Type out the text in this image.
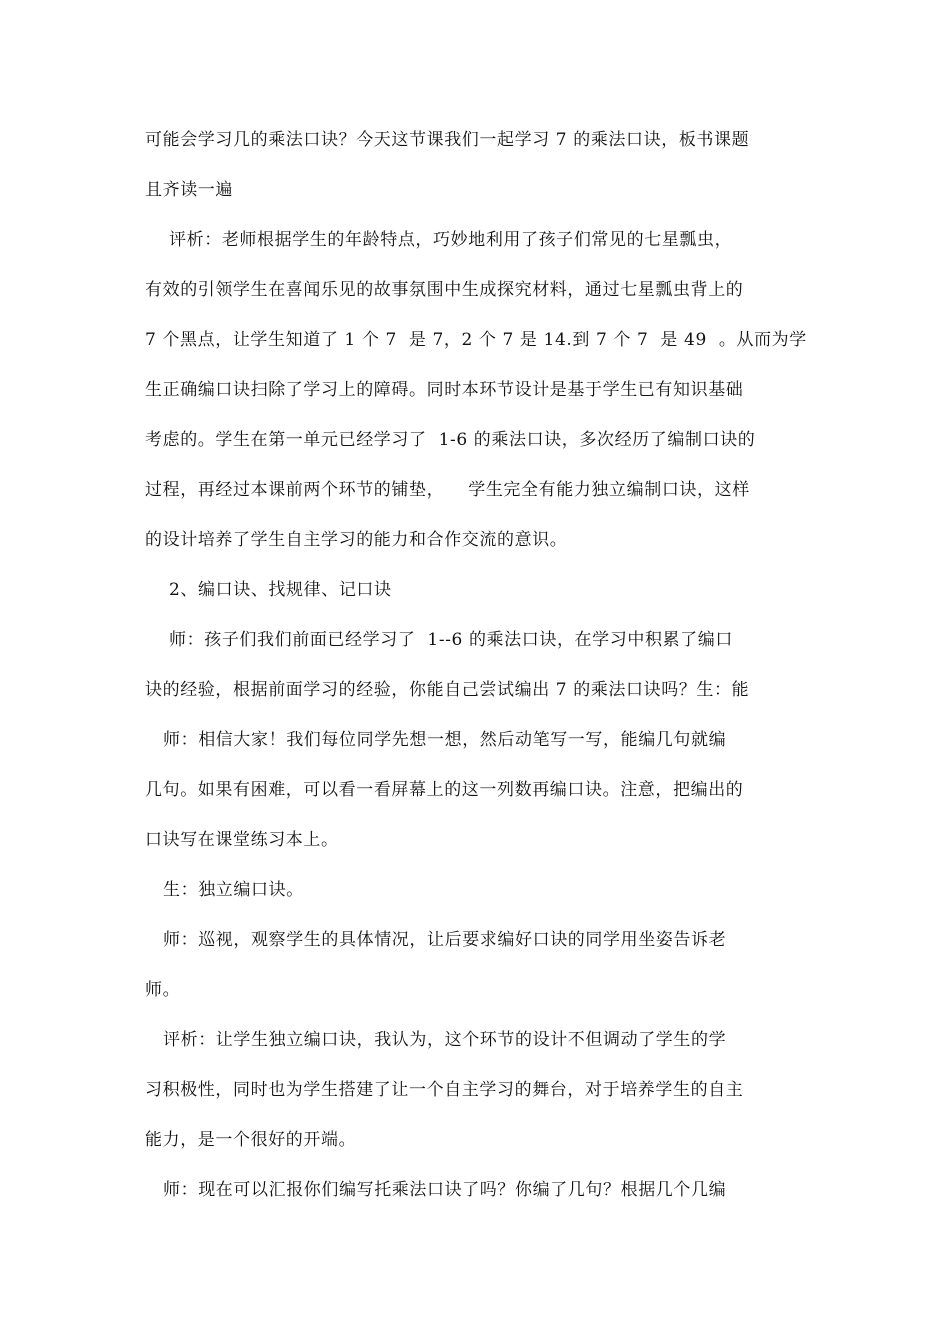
可能会学习几的乘法口诀？今天这节课我们一起学习 7 的乘法口诀，板书课题
且齐读一遍
评析：老师根据学生的年龄特点，巧妙地利用了孩子们常见的七星瓢虫，
有效的引领学生在喜闻乐见的故事氛围中生成探究材料，通过七星瓢虫背上的
7 个黑点，让学生知道了 1 个 7  是 7，2 个 7 是 14.到 7 个 7  是 49  。从而为学
生正确编口诀扫除了学习上的障碍。同时本环节设计是基于学生已有知识基础
考虑的。学生在第一单元已经学习了  1-6 的乘法口诀，多次经历了编制口诀的
过程，再经过本课前两个环节的铺垫，    学生完全有能力独立编制口诀，这样
的设计培养了学生自主学习的能力和合作交流的意识。
2、编口诀、找规律、记口诀
师：孩子们我们前面已经学习了  1--6 的乘法口诀，在学习中积累了编口
诀的经验，根据前面学习的经验，你能自己尝试编出 7 的乘法口诀吗？生：能
师：相信大家！我们每位同学先想一想，然后动笔写一写，能编几句就编
几句。如果有困难，可以看一看屏幕上的这一列数再编口诀。注意，把编出的
口诀写在课堂练习本上。
生：独立编口诀。
师：巡视，观察学生的具体情况，让后要求编好口诀的同学用坐姿告诉老
师。
评析：让学生独立编口诀，我认为，这个环节的设计不但调动了学生的学
习积极性，同时也为学生搭建了让一个自主学习的舞台，对于培养学生的自主
能力，是一个很好的开端。
师：现在可以汇报你们编写托乘法口诀了吗？你编了几句？根据几个几编
